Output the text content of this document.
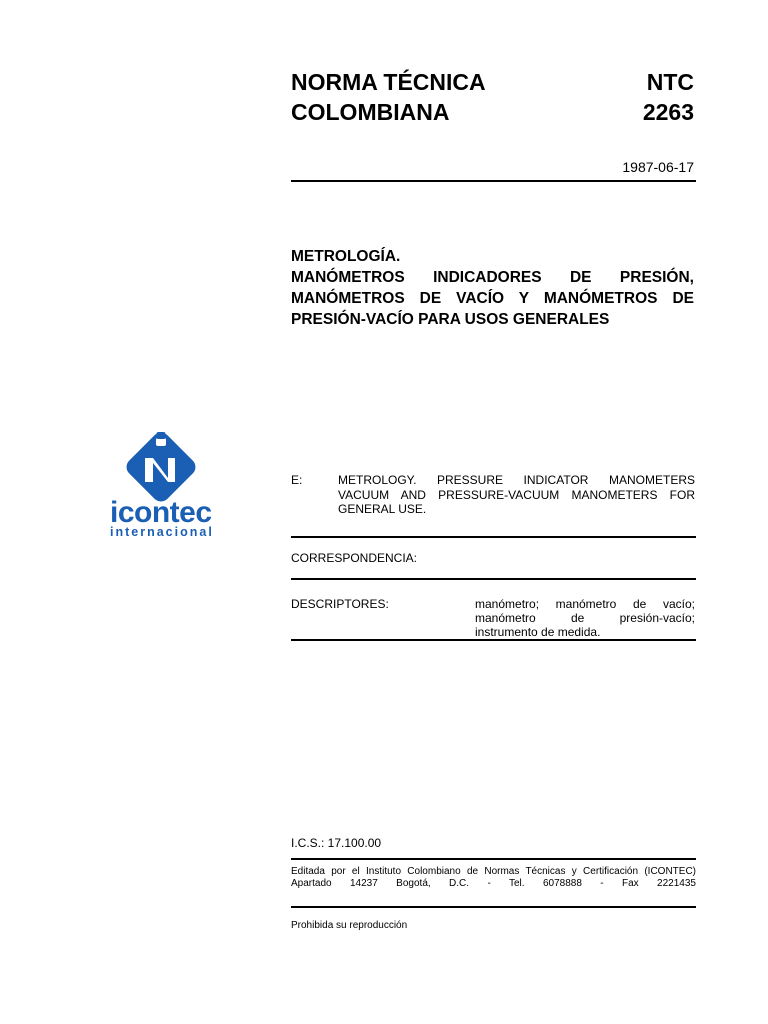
NORMA TÉCNICA
COLOMBIANA
NTC
2263
1987-06-17
METROLOGÍA.
MANÓMETROS INDICADORES DE PRESIÓN,
MANÓMETROS DE VACÍO Y MANÓMETROS DE
PRESIÓN-VACÍO PARA USOS GENERALES
icontec
internacional
E:	METROLOGY. PRESSURE INDICATOR MANOMETERS
VACUUM AND PRESSURE-VACUUM MANOMETERS FOR
GENERAL USE.
CORRESPONDENCIA:
DESCRIPTORES:	manómetro; manómetro de vacío;
manómetro de presión-vacío;
instrumento de medida.
I.C.S.: 17.100.00
Editada por el Instituto Colombiano de Normas Técnicas y Certificación (ICONTEC)
Apartado 14237 Bogotá, D.C. - Tel. 6078888 - Fax 2221435
Prohibida su reproducción
